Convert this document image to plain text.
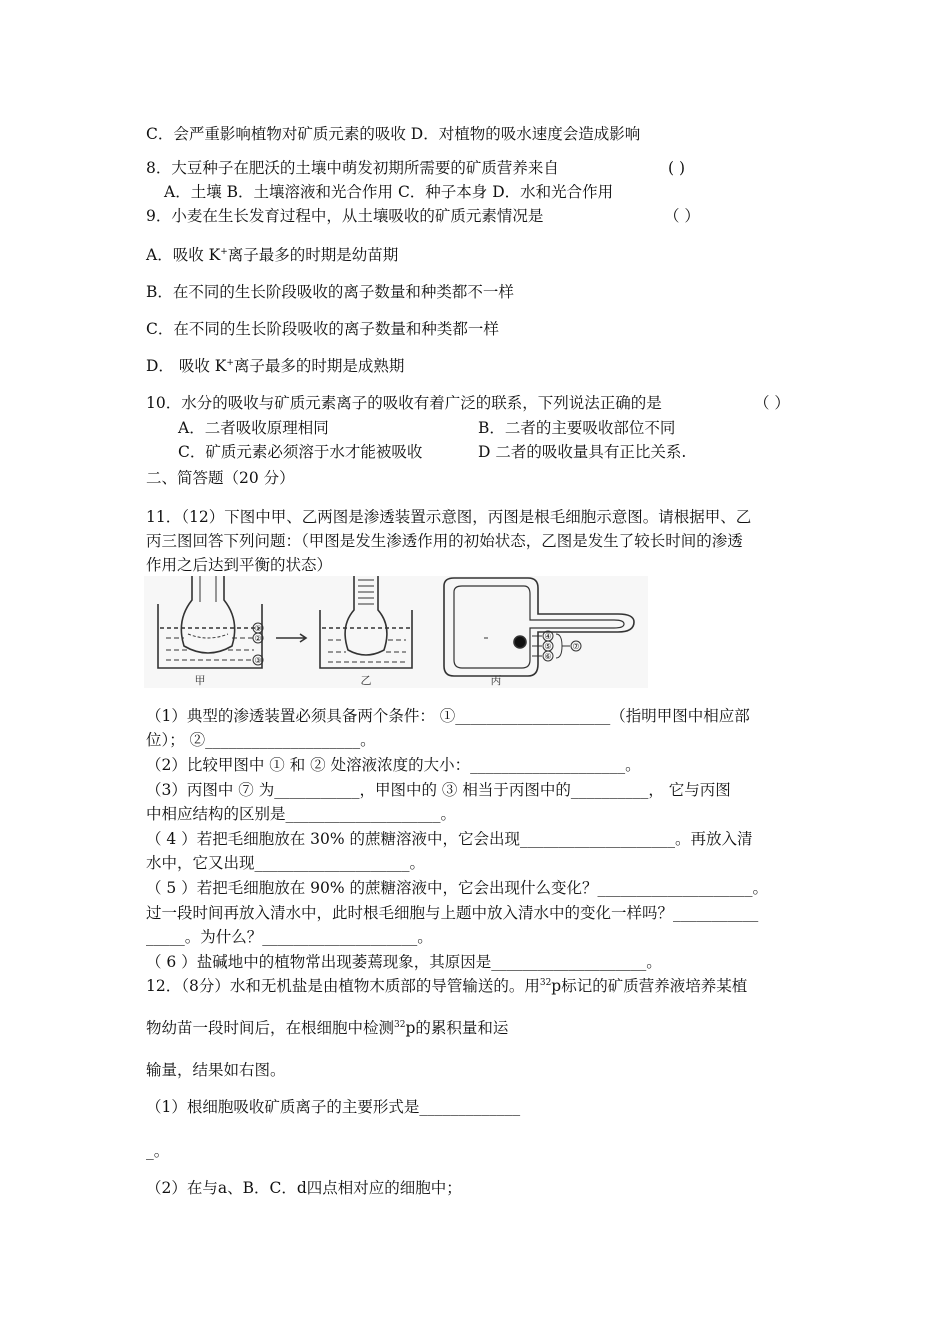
C．会严重影响植物对矿质元素的吸收 D．对植物的吸水速度会造成影响
8．大豆种子在肥沃的土壤中萌发初期所需要的矿质营养来自	( )
A．土壤 B．土壤溶液和光合作用 C．种子本身 D．水和光合作用
9．小麦在生长发育过程中，从土壤吸收的矿质元素情况是	（ ）
A．吸收 K+离子最多的时期是幼苗期
B．在不同的生长阶段吸收的离子数量和种类都不一样
C．在不同的生长阶段吸收的离子数量和种类都一样
D． 吸收 K+离子最多的时期是成熟期
10．水分的吸收与矿质元素离子的吸收有着广泛的联系，下列说法正确的是	（ ）
A．二者吸收原理相同	B．二者的主要吸收部位不同
C．矿质元素必须溶于水才能被吸收	D 二者的吸收量具有正比关系.
二、简答题（20 分）
11．（12）下图中甲、乙两图是渗透装置示意图，丙图是根毛细胞示意图。请根据甲、乙
丙三图回答下列问题：（甲图是发生渗透作用的初始状态，乙图是发生了较长时间的渗透
作用之后达到平衡的状态）
①
②
③
④
⑤
⑥
⑦
甲	乙	丙
（1）典型的渗透装置必须具备两个条件： ①____________________（指明甲图中相应部
位）； ②____________________。
（2）比较甲图中 ① 和 ② 处溶液浓度的大小：____________________。
（3）丙图中 ⑦ 为___________，甲图中的 ③ 相当于丙图中的__________， 它与丙图
中相应结构的区别是____________________。
（ 4 ）若把毛细胞放在 30% 的蔗糖溶液中，它会出现____________________。再放入清
水中，它又出现____________________。
（ 5 ）若把毛细胞放在 90% 的蔗糖溶液中，它会出现什么变化？____________________。
过一段时间再放入清水中，此时根毛细胞与上题中放入清水中的变化一样吗？___________
_____。为什么？____________________。
（ 6 ）盐碱地中的植物常出现萎蔫现象，其原因是____________________。
12．（8分）水和无机盐是由植物木质部的导管输送的。用$^{32}$p标记的矿质营养液培养某植
物幼苗一段时间后，在根细胞中检测$^{32}$p的累积量和运
输量，结果如右图。
（1）根细胞吸收矿质离子的主要形式是_____________
_。
（2）在与a、B．C．d四点相对应的细胞中；
